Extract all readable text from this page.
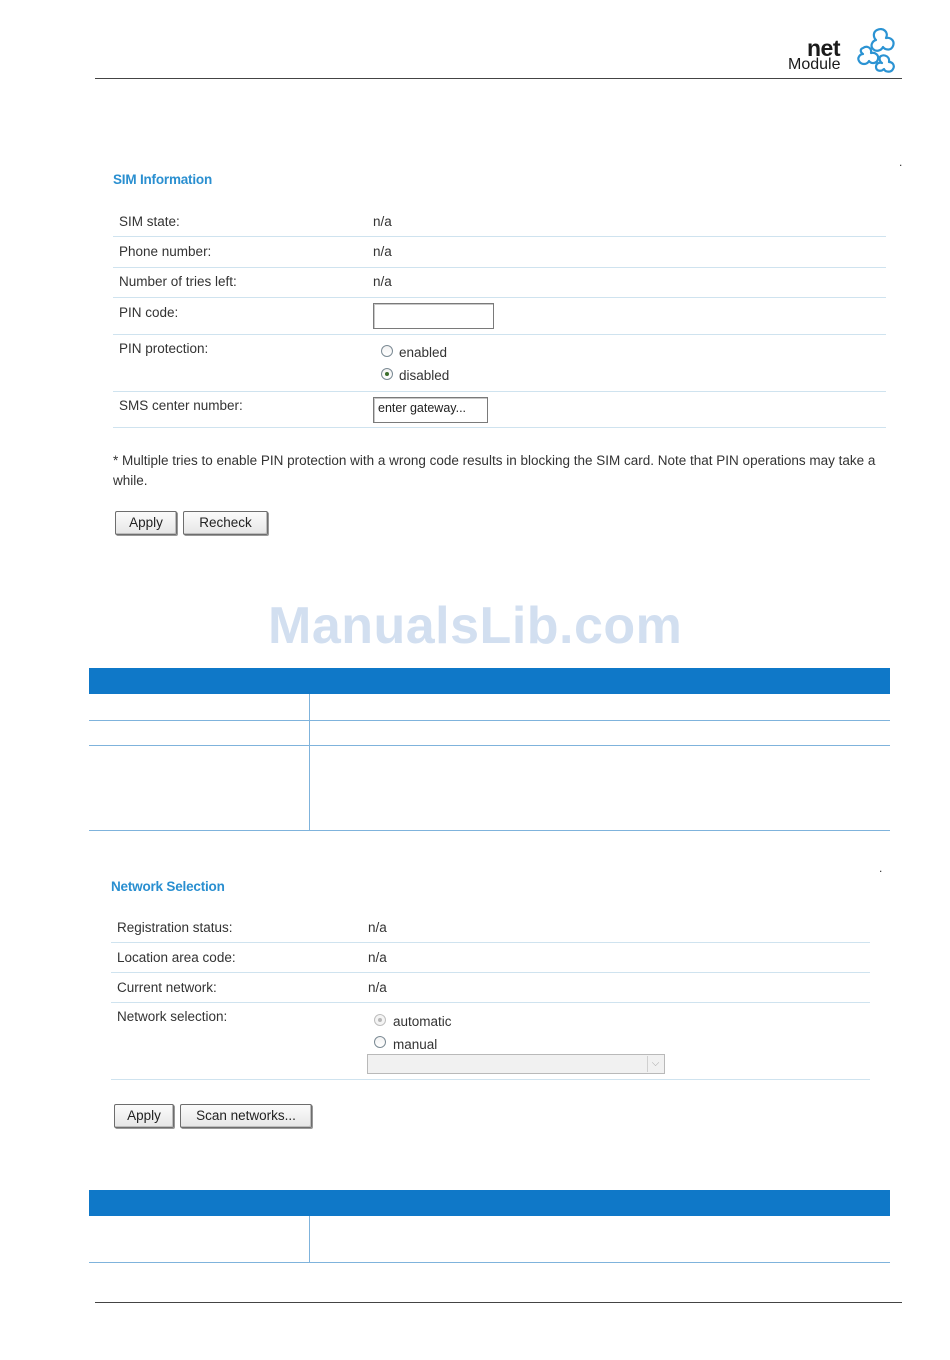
net
Module
.
SIM Information
SIM state:	n/a
Phone number:	n/a
Number of tries left:	n/a
PIN code:
PIN protection:	enabled
disabled
SMS center number:	enter gateway...
* Multiple tries to enable PIN protection with a wrong code results in blocking the SIM card. Note that PIN operations may take a while.
Apply	Recheck
ManualsLib.com
.
Network Selection
Registration status:	n/a
Location area code:	n/a
Current network:	n/a
Network selection:	automatic
manual
⌵
Apply	Scan networks...
